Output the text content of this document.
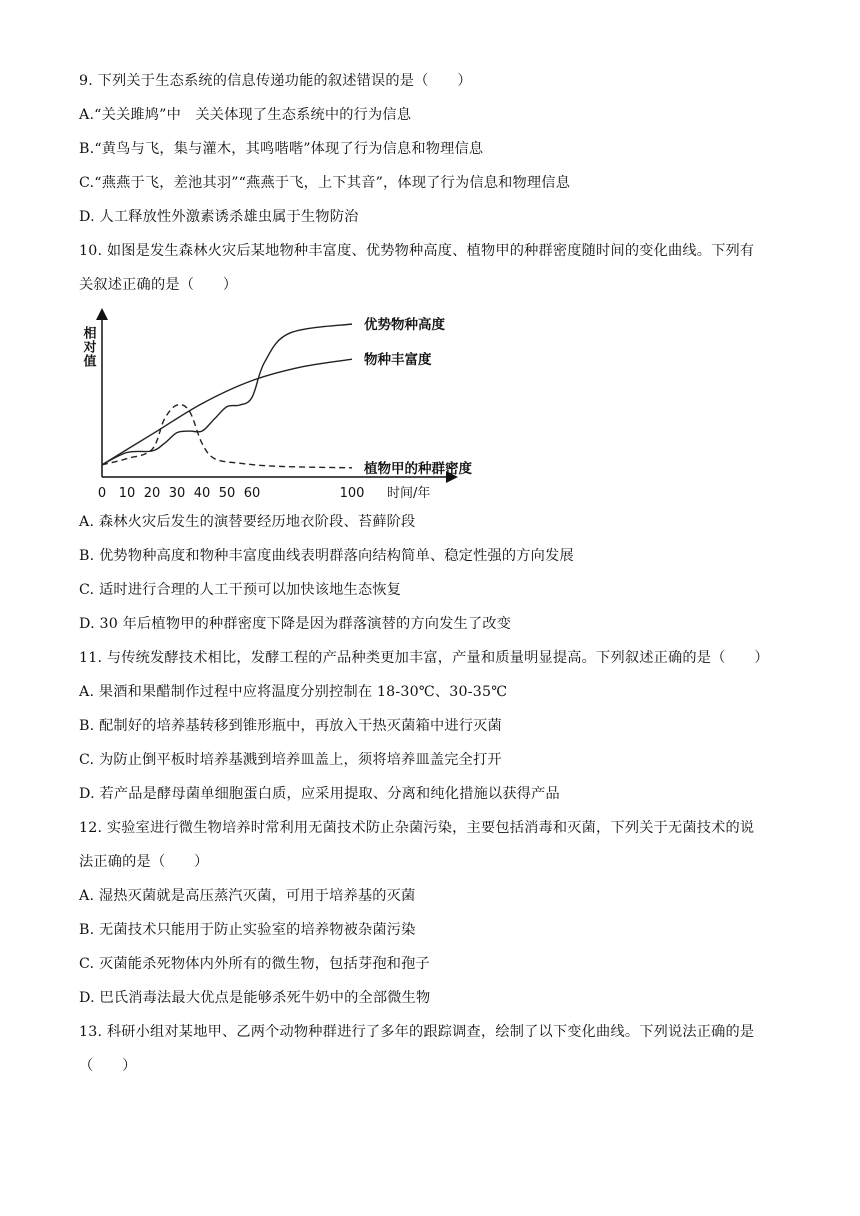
9. 下列关于生态系统的信息传递功能的叙述错误的是（　　）
A.“关关雎鸠”中　关关体现了生态系统中的行为信息
B.“黄鸟与飞，集与灌木，其鸣喈喈”体现了行为信息和物理信息
C.“燕燕于飞，差池其羽”“燕燕于飞，上下其音”，体现了行为信息和物理信息
D. 人工释放性外激素诱杀雄虫属于生物防治
10. 如图是发生森林火灾后某地物种丰富度、优势物种高度、植物甲的种群密度随时间的变化曲线。下列有
关叙述正确的是（　　）
相对值
时间/年
0 10 20 30 40 50 60	100
优势物种高度
物种丰富度
植物甲的种群密度
A. 森林火灾后发生的演替要经历地衣阶段、苔藓阶段
B. 优势物种高度和物种丰富度曲线表明群落向结构简单、稳定性强的方向发展
C. 适时进行合理的人工干预可以加快该地生态恢复
D. 30 年后植物甲的种群密度下降是因为群落演替的方向发生了改变
11. 与传统发酵技术相比，发酵工程的产品种类更加丰富，产量和质量明显提高。下列叙述正确的是（　　）
A. 果酒和果醋制作过程中应将温度分别控制在 18-30℃、30-35℃
B. 配制好的培养基转移到锥形瓶中，再放入干热灭菌箱中进行灭菌
C. 为防止倒平板时培养基溅到培养皿盖上，须将培养皿盖完全打开
D. 若产品是酵母菌单细胞蛋白质，应采用提取、分离和纯化措施以获得产品
12. 实验室进行微生物培养时常利用无菌技术防止杂菌污染，主要包括消毒和灭菌，下列关于无菌技术的说
法正确的是（　　）
A. 湿热灭菌就是高压蒸汽灭菌，可用于培养基的灭菌
B. 无菌技术只能用于防止实验室的培养物被杂菌污染
C. 灭菌能杀死物体内外所有的微生物，包括芽孢和孢子
D. 巴氏消毒法最大优点是能够杀死牛奶中的全部微生物
13. 科研小组对某地甲、乙两个动物种群进行了多年的跟踪调查，绘制了以下变化曲线。下列说法正确的是
（　　）
